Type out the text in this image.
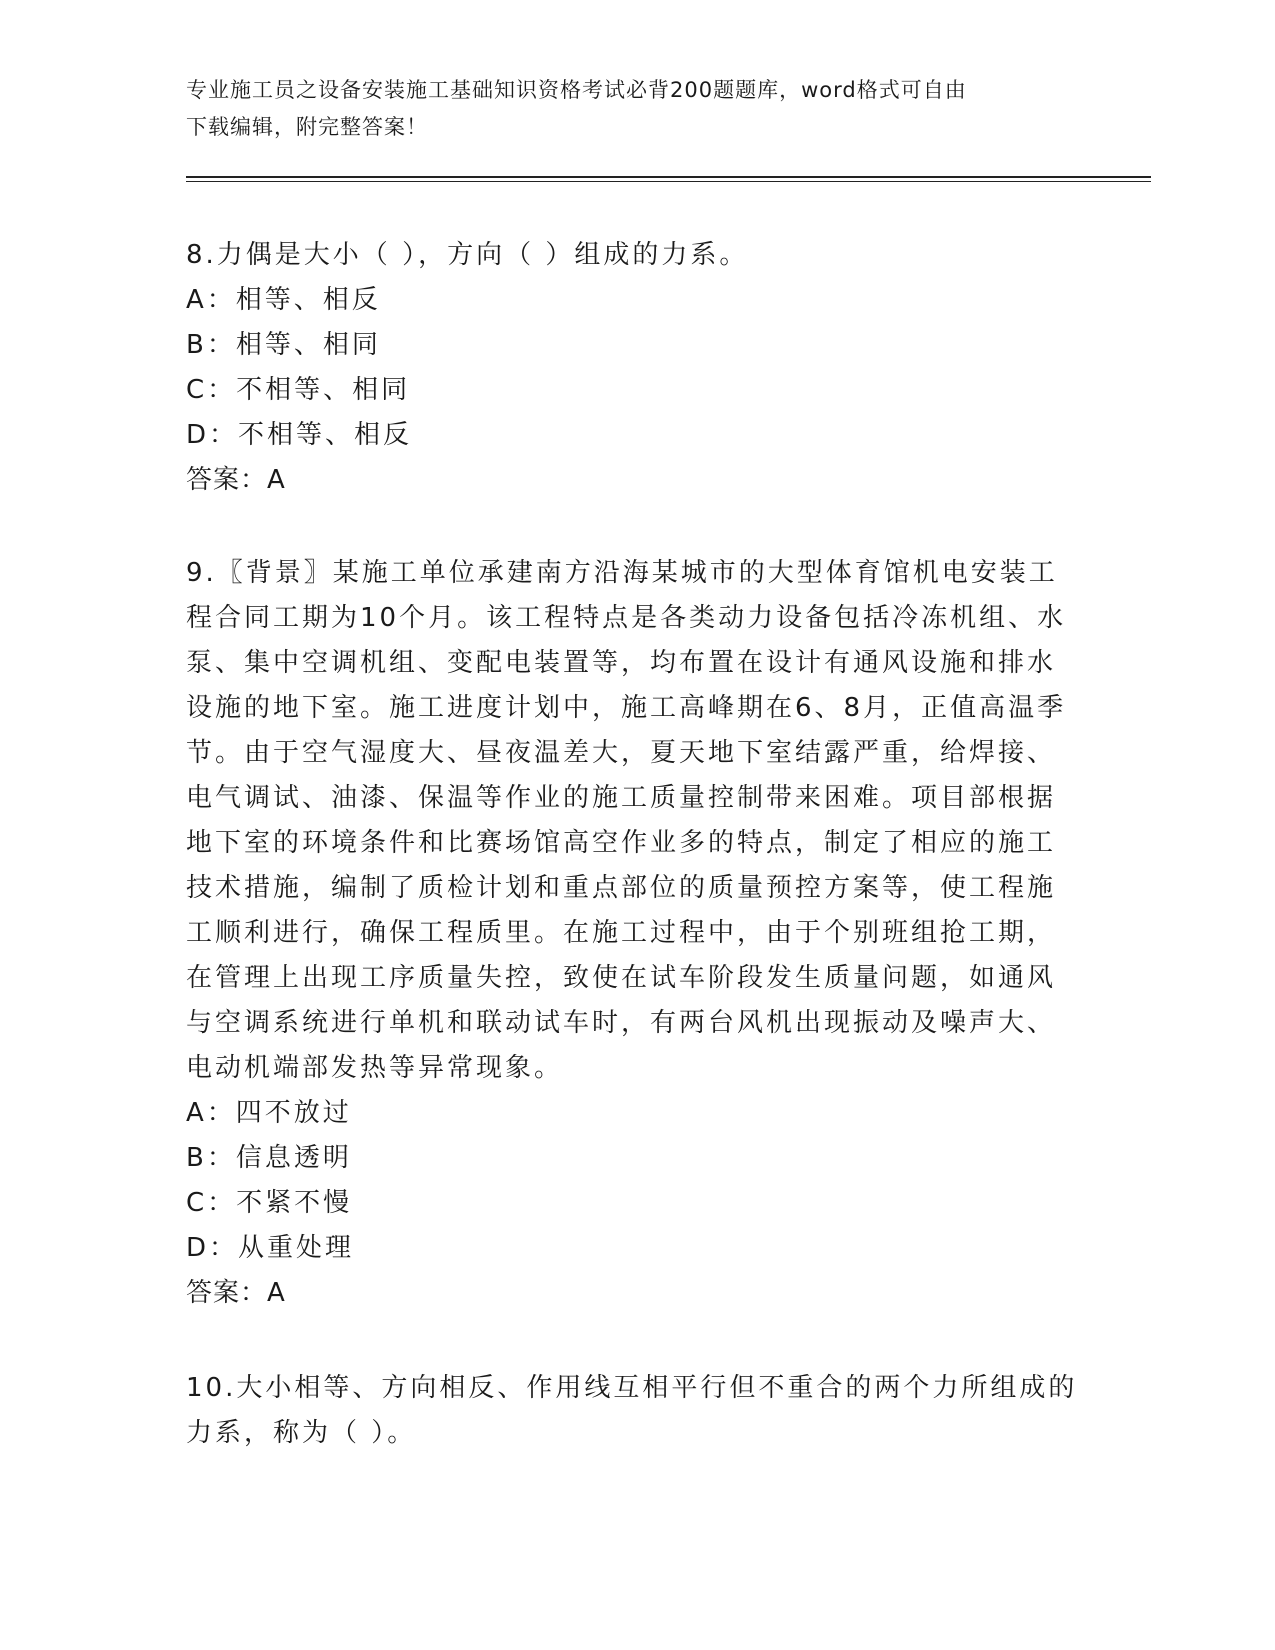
专业施工员之设备安装施工基础知识资格考试必背200题题库，word格式可自由
下载编辑，附完整答案！
8.力偶是大小（ ），方向（ ）组成的力系。
A：相等、相反
B：相等、相同
C：不相等、相同
D：不相等、相反
答案：A
9.〖背景〗某施工单位承建南方沿海某城市的大型体育馆机电安装工
程合同工期为10个月。该工程特点是各类动力设备包括冷冻机组、水
泵、集中空调机组、变配电装置等，均布置在设计有通风设施和排水
设施的地下室。施工进度计划中，施工高峰期在6、8月，正值高温季
节。由于空气湿度大、昼夜温差大，夏天地下室结露严重，给焊接、
电气调试、油漆、保温等作业的施工质量控制带来困难。项目部根据
地下室的环境条件和比赛场馆高空作业多的特点，制定了相应的施工
技术措施，编制了质检计划和重点部位的质量预控方案等，使工程施
工顺利进行，确保工程质里。在施工过程中，由于个别班组抢工期，
在管理上出现工序质量失控，致使在试车阶段发生质量问题，如通风
与空调系统进行单机和联动试车时，有两台风机出现振动及噪声大、
电动机端部发热等异常现象。
A：四不放过
B：信息透明
C：不紧不慢
D：从重处理
答案：A
10.大小相等、方向相反、作用线互相平行但不重合的两个力所组成的
力系，称为（ ）。
